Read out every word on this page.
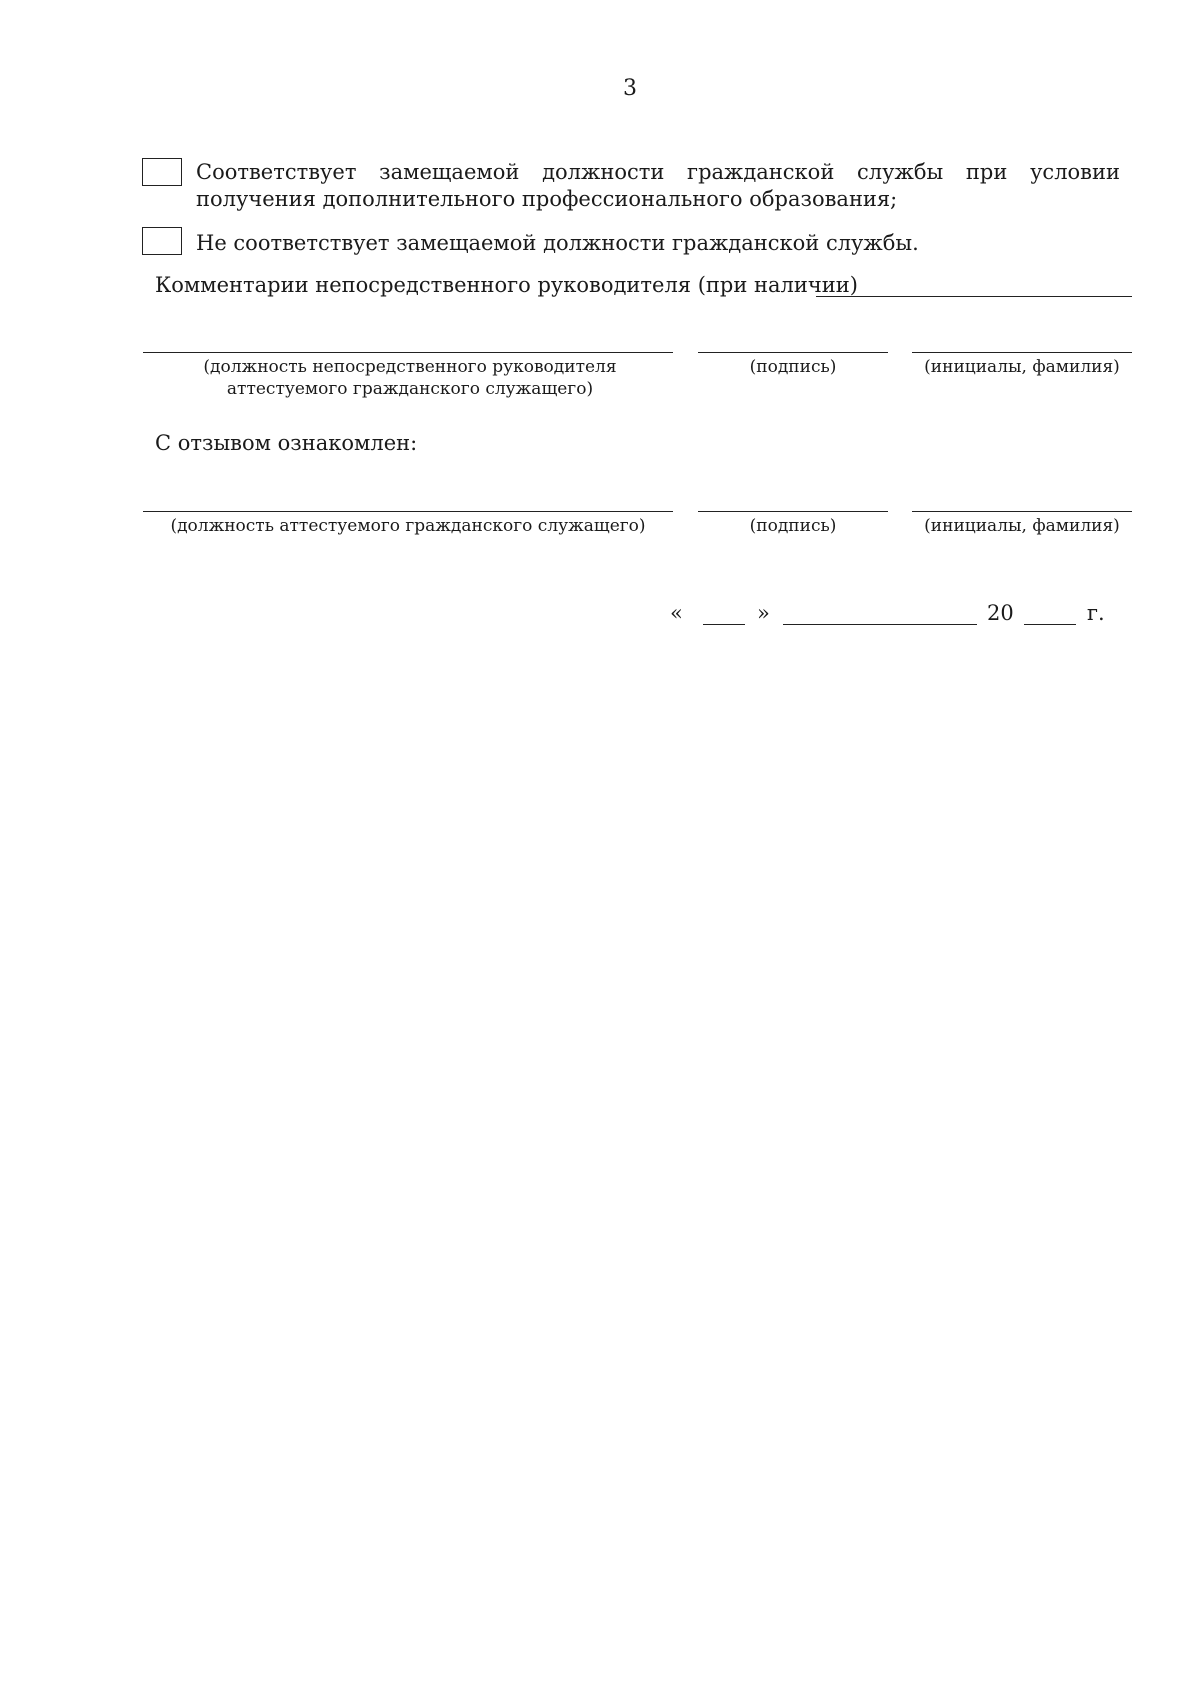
3
Соответствует замещаемой должности гражданской службы при условии получения дополнительного профессионального образования;
Не соответствует замещаемой должности гражданской службы.
Комментарии непосредственного руководителя (при наличии)
(должность непосредственного руководителя аттестуемого гражданского служащего)
(подпись)	(инициалы, фамилия)
С отзывом ознакомлен:
(должность аттестуемого гражданского служащего)	(подпись)	(инициалы, фамилия)
«	»	20	г.
